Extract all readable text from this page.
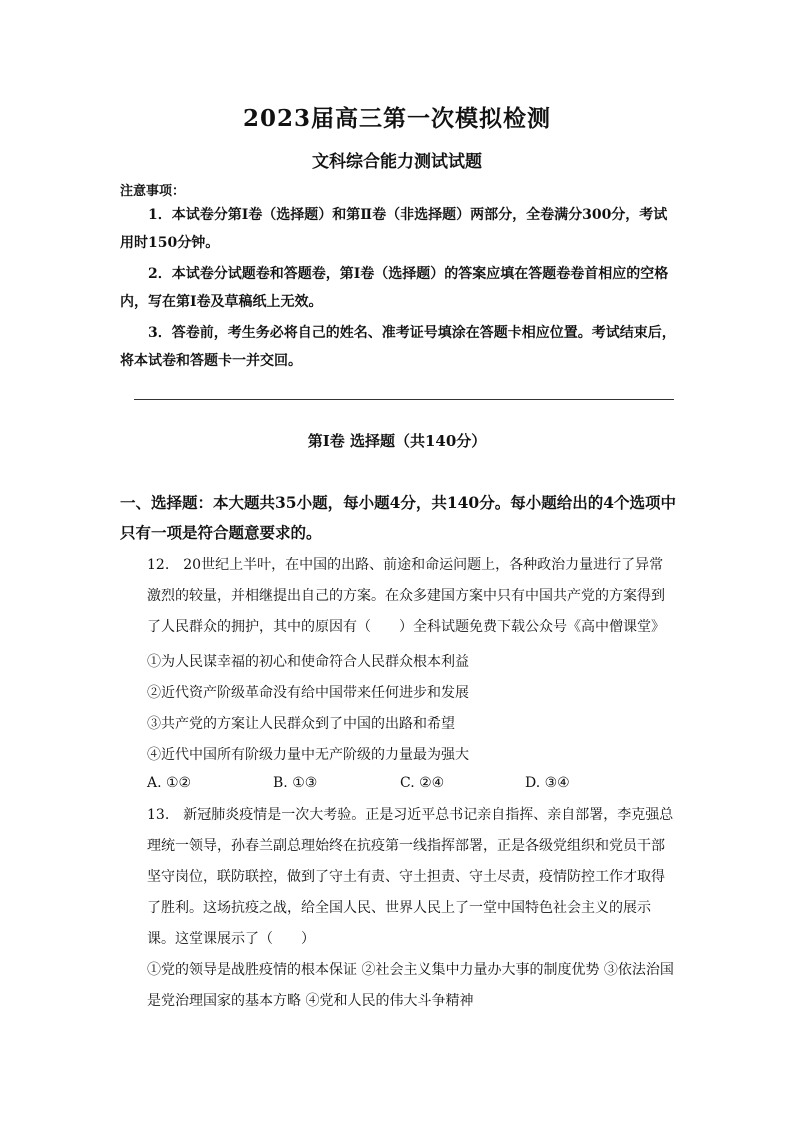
2023届高三第一次模拟检测
文科综合能力测试试题
注意事项：
1．本试卷分第Ⅰ卷（选择题）和第Ⅱ卷（非选择题）两部分，全卷满分300分，考试用时150分钟。
2．本试卷分试题卷和答题卷，第Ⅰ卷（选择题）的答案应填在答题卷卷首相应的空格内，写在第Ⅰ卷及草稿纸上无效。
3．答卷前，考生务必将自己的姓名、准考证号填涂在答题卡相应位置。考试结束后，将本试卷和答题卡一并交回。
第Ⅰ卷 选择题（共140分）
一、选择题：本大题共35小题，每小题4分，共140分。每小题给出的4个选项中只有一项是符合题意要求的。
12.　20世纪上半叶，在中国的出路、前途和命运问题上，各种政治力量进行了异常激烈的较量，并相继提出自己的方案。在众多建国方案中只有中国共产党的方案得到了人民群众的拥护，其中的原因有（　　）全科试题免费下载公众号《高中僧课堂》
①为人民谋幸福的初心和使命符合人民群众根本利益
②近代资产阶级革命没有给中国带来任何进步和发展
③共产党的方案让人民群众到了中国的出路和希望
④近代中国所有阶级力量中无产阶级的力量最为强大
A. ①②	B. ①③	C. ②④	D. ③④
13.　新冠肺炎疫情是一次大考验。正是习近平总书记亲自指挥、亲自部署，李克强总理统一领导，孙春兰副总理始终在抗疫第一线指挥部署，正是各级党组织和党员干部坚守岗位，联防联控，做到了守土有责、守土担责、守土尽责，疫情防控工作才取得了胜利。这场抗疫之战，给全国人民、世界人民上了一堂中国特色社会主义的展示课。这堂课展示了（　　）
①党的领导是战胜疫情的根本保证 ②社会主义集中力量办大事的制度优势 ③依法治国是党治理国家的基本方略 ④党和人民的伟大斗争精神
